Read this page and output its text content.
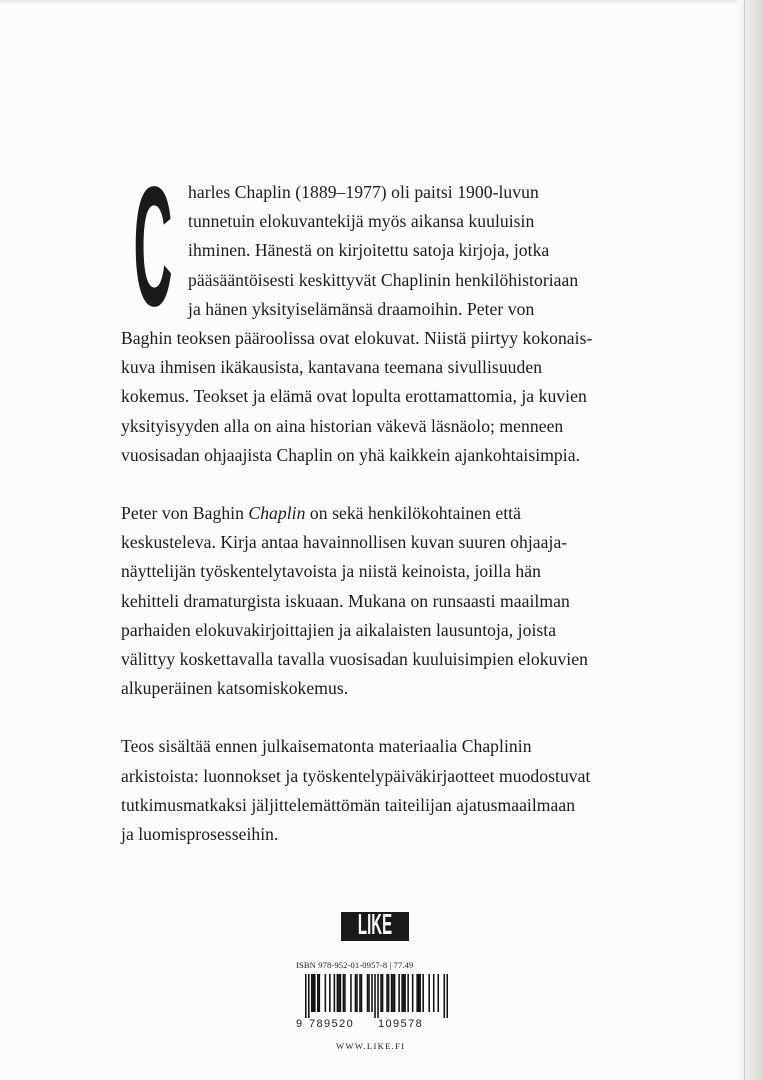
C harles Chaplin (1889–1977) oli paitsi 1900-luvun
tunnetuin elokuvantekijä myös aikansa kuuluisin
ihminen. Hänestä on kirjoitettu satoja kirjoja, jotka
pääsääntöisesti keskittyvät Chaplinin henkilöhistoriaan
ja hänen yksityiselämänsä draamoihin. Peter von
Baghin teoksen pääroolissa ovat elokuvat. Niistä piirtyy kokonais-
kuva ihmisen ikäkausista, kantavana teemana sivullisuuden
kokemus. Teokset ja elämä ovat lopulta erottamattomia, ja kuvien
yksityisyyden alla on aina historian väkevä läsnäolo; menneen
vuosisadan ohjaajista Chaplin on yhä kaikkein ajankohtaisimpia.

Peter von Baghin Chaplin on sekä henkilökohtainen että
keskusteleva. Kirja antaa havainnollisen kuvan suuren ohjaaja-
näyttelijän työskentelytavoista ja niistä keinoista, joilla hän
kehitteli dramaturgista iskuaan. Mukana on runsaasti maailman
parhaiden elokuvakirjoittajien ja aikalaisten lausuntoja, joista
välittyy koskettavalla tavalla vuosisadan kuuluisimpien elokuvien
alkuperäinen katsomiskokemus.

Teos sisältää ennen julkaisematonta materiaalia Chaplinin
arkistoista: luonnokset ja työskentelypäiväkirjaotteet muodostuvat
tutkimusmatkaksi jäljittelemättömän taiteilijan ajatusmaailmaan
ja luomisprosesseihin.

LIKE
ISBN 978-952-01-0957-8 | 77.49
9 789520 109578
WWW.LIKE.FI
